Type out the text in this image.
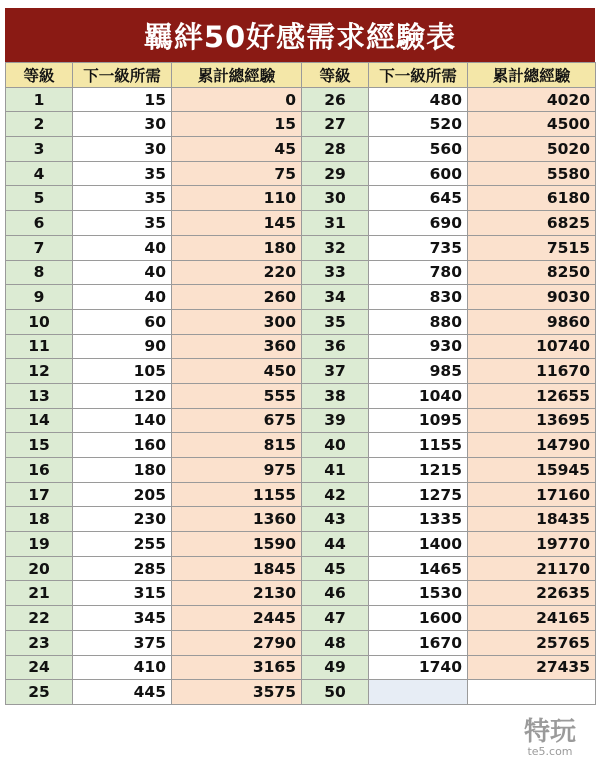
羈絆50好感需求經驗表
等級	下一級所需	累計總經驗	等級	下一級所需	累計總經驗
1	15	0	26	480	4020
2	30	15	27	520	4500
3	30	45	28	560	5020
4	35	75	29	600	5580
5	35	110	30	645	6180
6	35	145	31	690	6825
7	40	180	32	735	7515
8	40	220	33	780	8250
9	40	260	34	830	9030
10	60	300	35	880	9860
11	90	360	36	930	10740
12	105	450	37	985	11670
13	120	555	38	1040	12655
14	140	675	39	1095	13695
15	160	815	40	1155	14790
16	180	975	41	1215	15945
17	205	1155	42	1275	17160
18	230	1360	43	1335	18435
19	255	1590	44	1400	19770
20	285	1845	45	1465	21170
21	315	2130	46	1530	22635
22	345	2445	47	1600	24165
23	375	2790	48	1670	25765
24	410	3165	49	1740	27435
25	445	3575	50		
特玩
te5.com
